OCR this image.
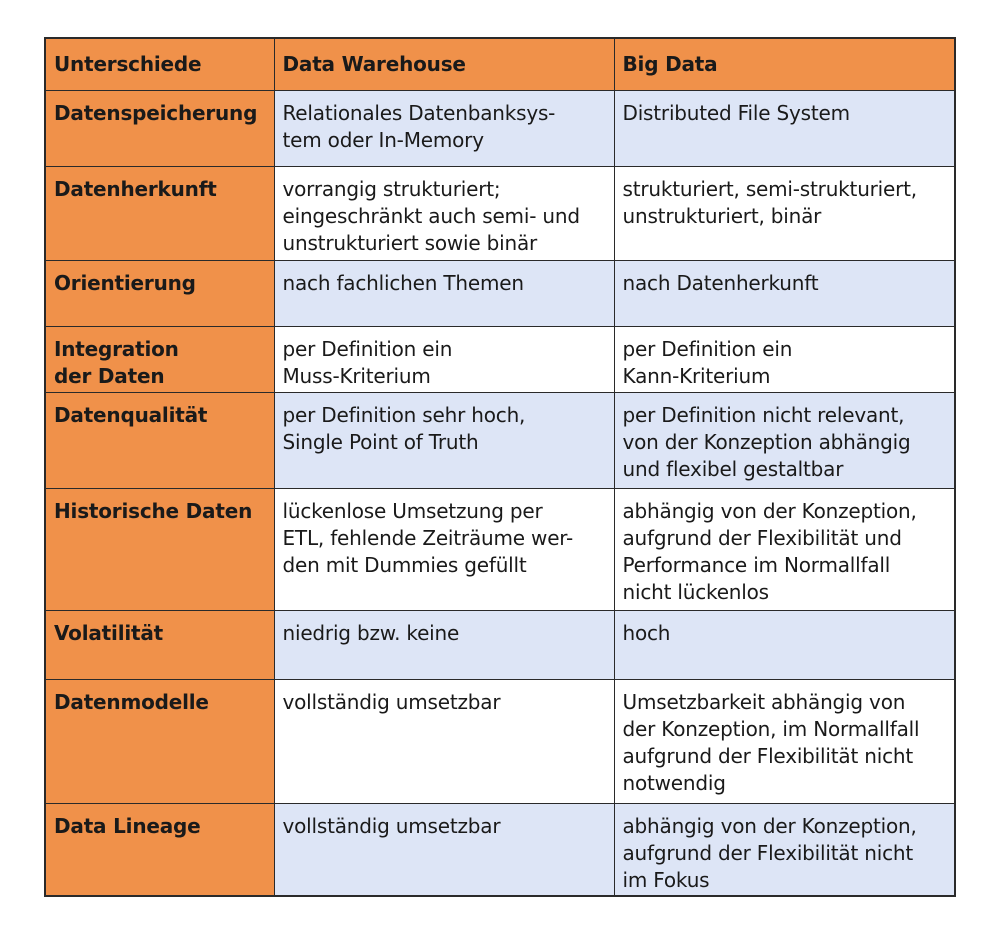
Unterschiede	Data Warehouse	Big Data

Datenspeicherung	Relationales Datenbanksys-
tem oder In-Memory	Distributed File System

Datenherkunft	vorrangig strukturiert;
eingeschränkt auch semi- und
unstrukturiert sowie binär	strukturiert, semi-strukturiert,
unstrukturiert, binär

Orientierung	nach fachlichen Themen	nach Datenherkunft

Integration
der Daten	per Definition ein
Muss-Kriterium	per Definition ein
Kann-Kriterium

Datenqualität	per Definition sehr hoch,
Single Point of Truth	per Definition nicht relevant,
von der Konzeption abhängig
und flexibel gestaltbar

Historische Daten	lückenlose Umsetzung per
ETL, fehlende Zeiträume wer-
den mit Dummies gefüllt	abhängig von der Konzeption,
aufgrund der Flexibilität und
Performance im Normallfall
nicht lückenlos

Volatilität	niedrig bzw. keine	hoch

Datenmodelle	vollständig umsetzbar	Umsetzbarkeit abhängig von
der Konzeption, im Normallfall
aufgrund der Flexibilität nicht
notwendig

Data Lineage	vollständig umsetzbar	abhängig von der Konzeption,
aufgrund der Flexibilität nicht
im Fokus
